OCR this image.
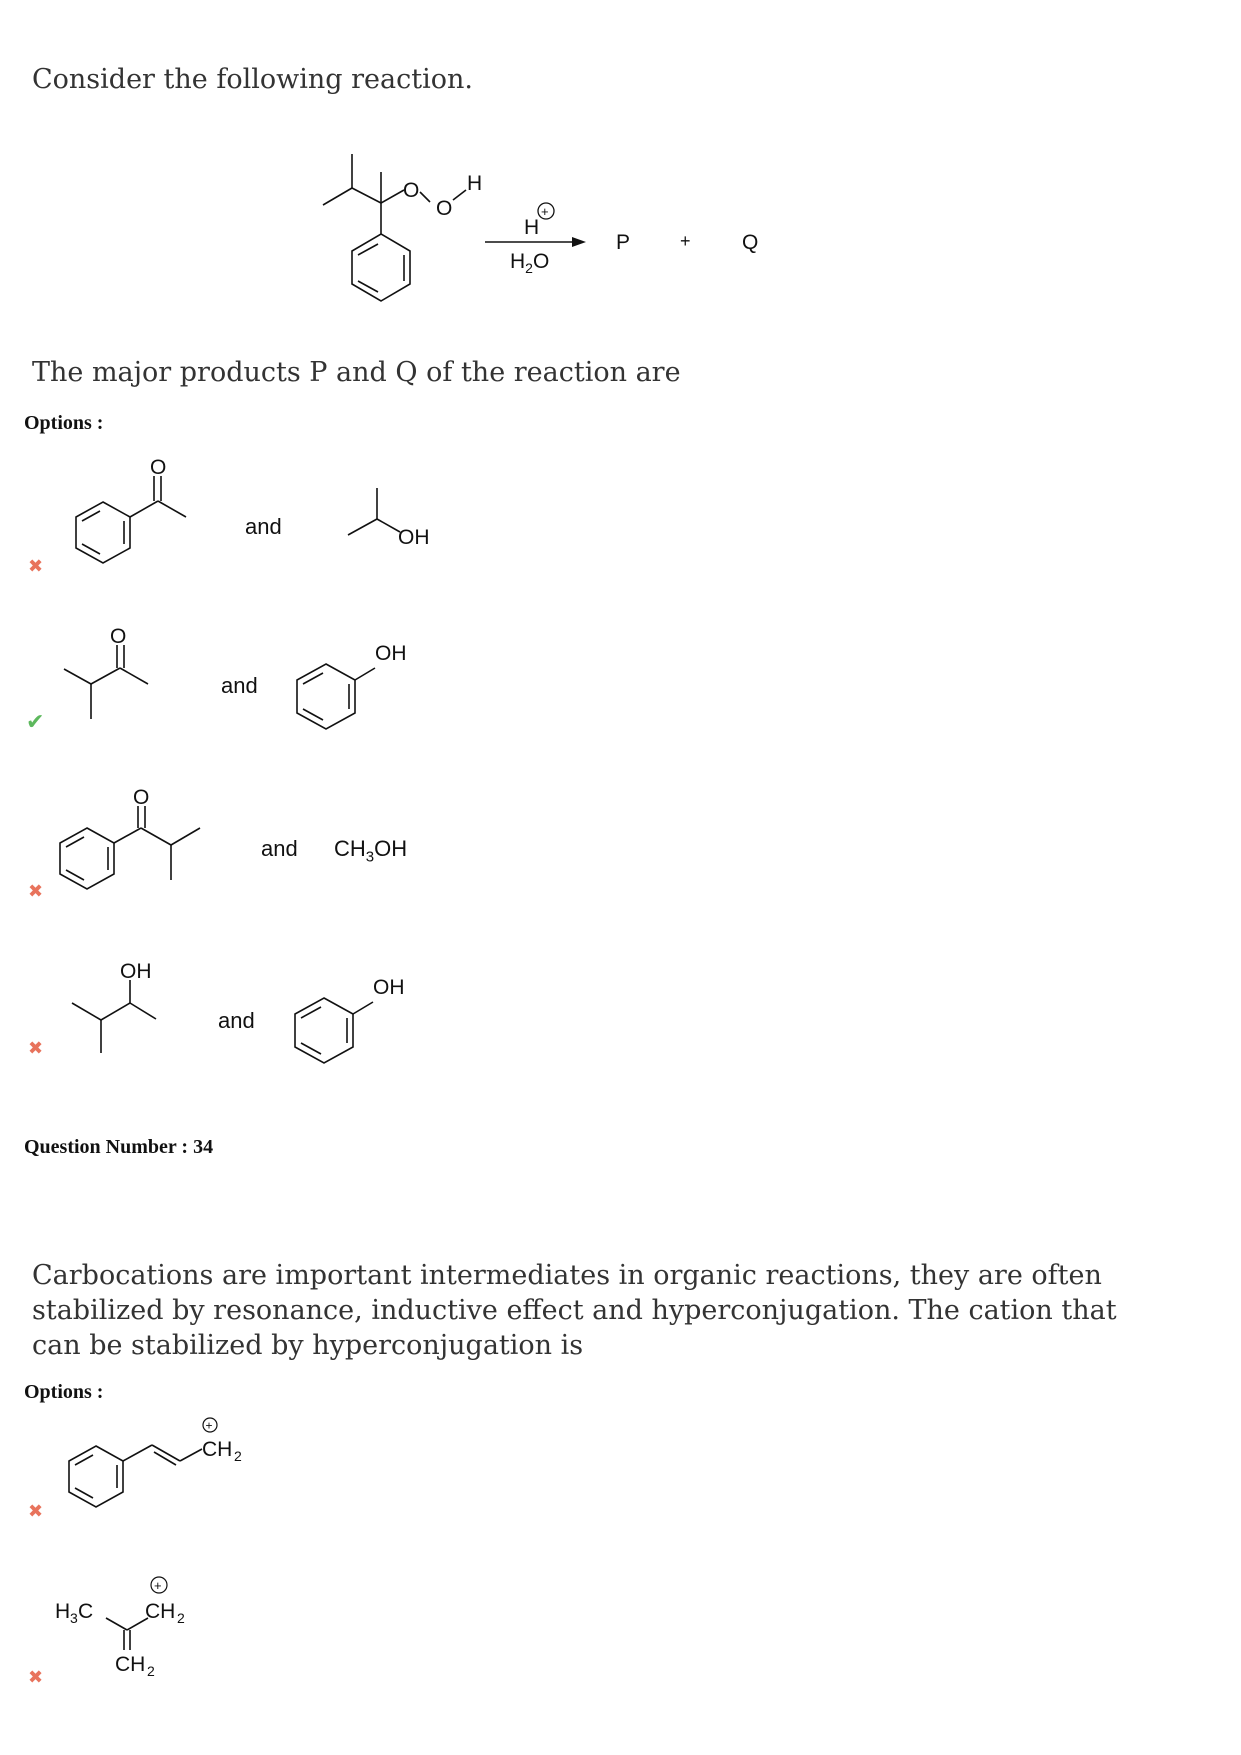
Consider the following reaction.
+
O
O
H
H
$H_2O$
P	+ Q
The major products P and Q of the reaction are
Options :
O
OH
O
OH
O
OH
OH
and
✖
and
✔
and $CH_3OH$
✖
and
✖
Question Number : 34
Carbocations are important intermediates in organic reactions, they are often
stabilized by resonance, inductive effect and hyperconjugation. The cation that
can be stabilized by hyperconjugation is
Options :
+
CH 2
+
H 3 C CH 2
CH 2
✖
✖
